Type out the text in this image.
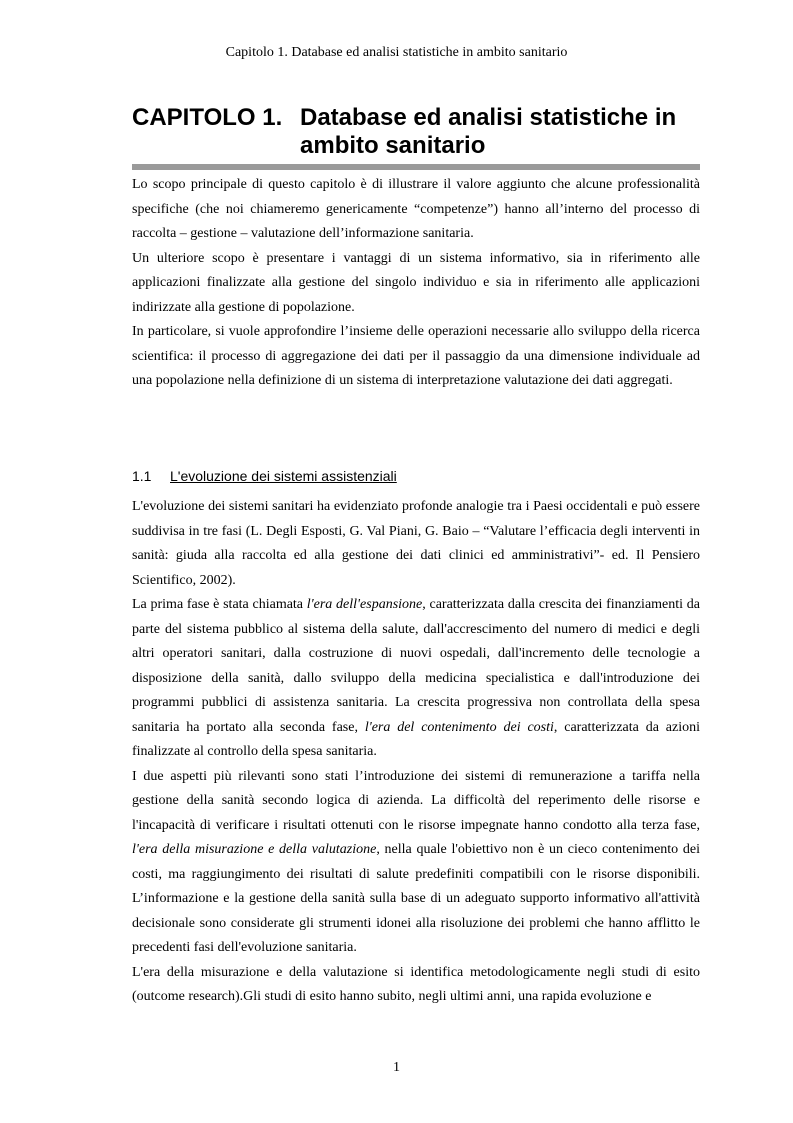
Capitolo 1. Database ed analisi statistiche in ambito sanitario
CAPITOLO 1. Database ed analisi statistiche in ambito sanitario

Lo scopo principale di questo capitolo è di illustrare il valore aggiunto che alcune professionalità specifiche (che noi chiameremo genericamente “competenze”) hanno all’interno del processo di raccolta – gestione – valutazione dell’informazione sanitaria.

Un ulteriore scopo è presentare i vantaggi di un sistema informativo, sia in riferimento alle applicazioni finalizzate alla gestione del singolo individuo e sia in riferimento alle applicazioni indirizzate alla gestione di popolazione.

In particolare, si vuole approfondire l’insieme delle operazioni necessarie allo sviluppo della ricerca scientifica: il processo di aggregazione dei dati per il passaggio da una dimensione individuale ad una popolazione nella definizione di un sistema di interpretazione valutazione dei dati aggregati.

1.1	L'evoluzione dei sistemi assistenziali

L'evoluzione dei sistemi sanitari ha evidenziato profonde analogie tra i Paesi occidentali e può essere suddivisa in tre fasi (L. Degli Esposti, G. Val Piani, G. Baio – “Valutare l’efficacia degli interventi in sanità: giuda alla raccolta ed alla gestione dei dati clinici ed amministrativi”- ed. Il Pensiero Scientifico, 2002).

La prima fase è stata chiamata l'era dell'espansione, caratterizzata dalla crescita dei finanziamenti da parte del sistema pubblico al sistema della salute, dall'accrescimento del numero di medici e degli altri operatori sanitari, dalla costruzione di nuovi ospedali, dall'incremento delle tecnologie a disposizione della sanità, dallo sviluppo della medicina specialistica e dall'introduzione dei programmi pubblici di assistenza sanitaria. La crescita progressiva non controllata della spesa sanitaria ha portato alla seconda fase, l'era del contenimento dei costi, caratterizzata da azioni finalizzate al controllo della spesa sanitaria.

I due aspetti più rilevanti sono stati l’introduzione dei sistemi di remunerazione a tariffa nella gestione della sanità secondo logica di azienda. La difficoltà del reperimento delle risorse e l'incapacità di verificare i risultati ottenuti con le risorse impegnate hanno condotto alla terza fase, l'era della misurazione e della valutazione, nella quale l'obiettivo non è un cieco contenimento dei costi, ma raggiungimento dei risultati di salute predefiniti compatibili con le risorse disponibili. L’informazione e la gestione della sanità sulla base di un adeguato supporto informativo all'attività decisionale sono considerate gli strumenti idonei alla risoluzione dei problemi che hanno afflitto le precedenti fasi dell'evoluzione sanitaria.

L'era della misurazione e della valutazione si identifica metodologicamente negli studi di esito (outcome research).Gli studi di esito hanno subito, negli ultimi anni, una rapida evoluzione e

1
